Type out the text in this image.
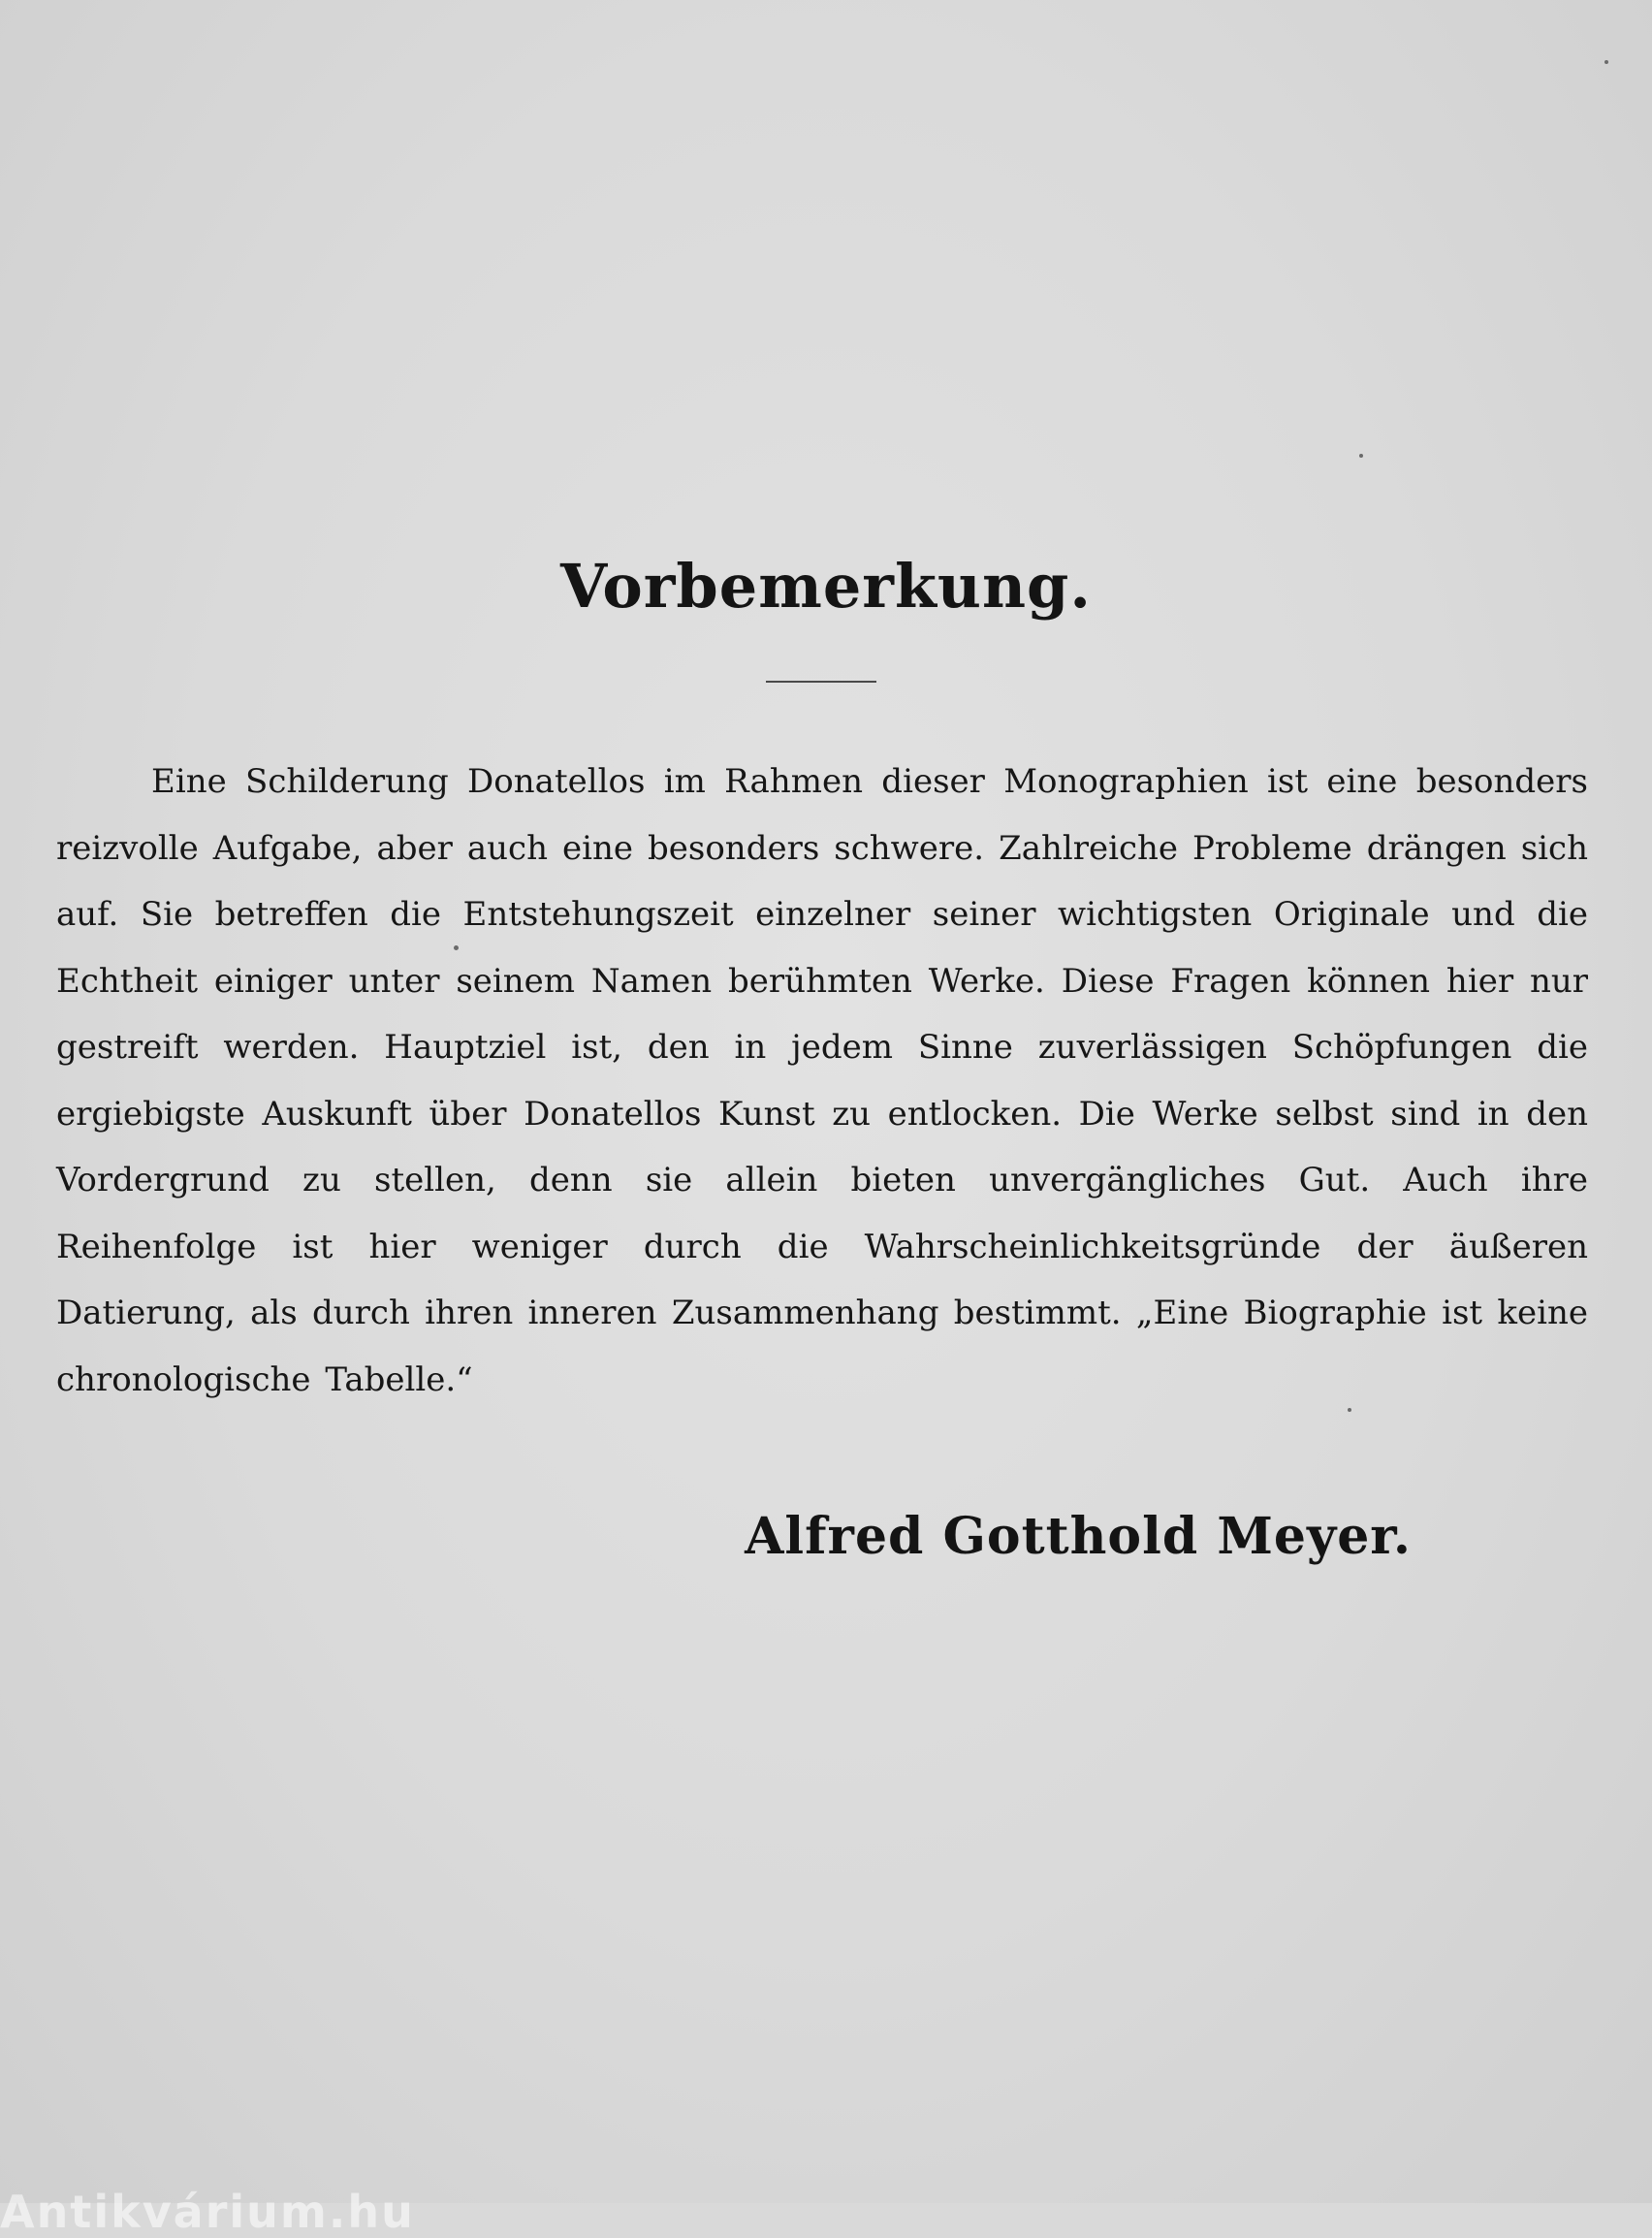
Vorbemerkung.

Eine Schilderung Donatellos im Rahmen dieser Monographien ist eine besonders reizvolle Aufgabe, aber auch eine besonders schwere. Zahlreiche Probleme drängen sich auf. Sie betreffen die Entstehungszeit einzelner seiner wichtigsten Originale und die Echtheit einiger unter seinem Namen berühmten Werke. Diese Fragen können hier nur gestreift werden. Hauptziel ist, den in jedem Sinne zuverlässigen Schöpfungen die ergiebigste Auskunft über Donatellos Kunst zu entlocken. Die Werke selbst sind in den Vordergrund zu stellen, denn sie allein bieten unvergängliches Gut. Auch ihre Reihenfolge ist hier weniger durch die Wahrscheinlichkeitsgründe der äußeren Datierung, als durch ihren inneren Zusammenhang bestimmt. „Eine Biographie ist keine chronologische Tabelle.“

Alfred Gotthold Meyer.

Antikvárium.hu
